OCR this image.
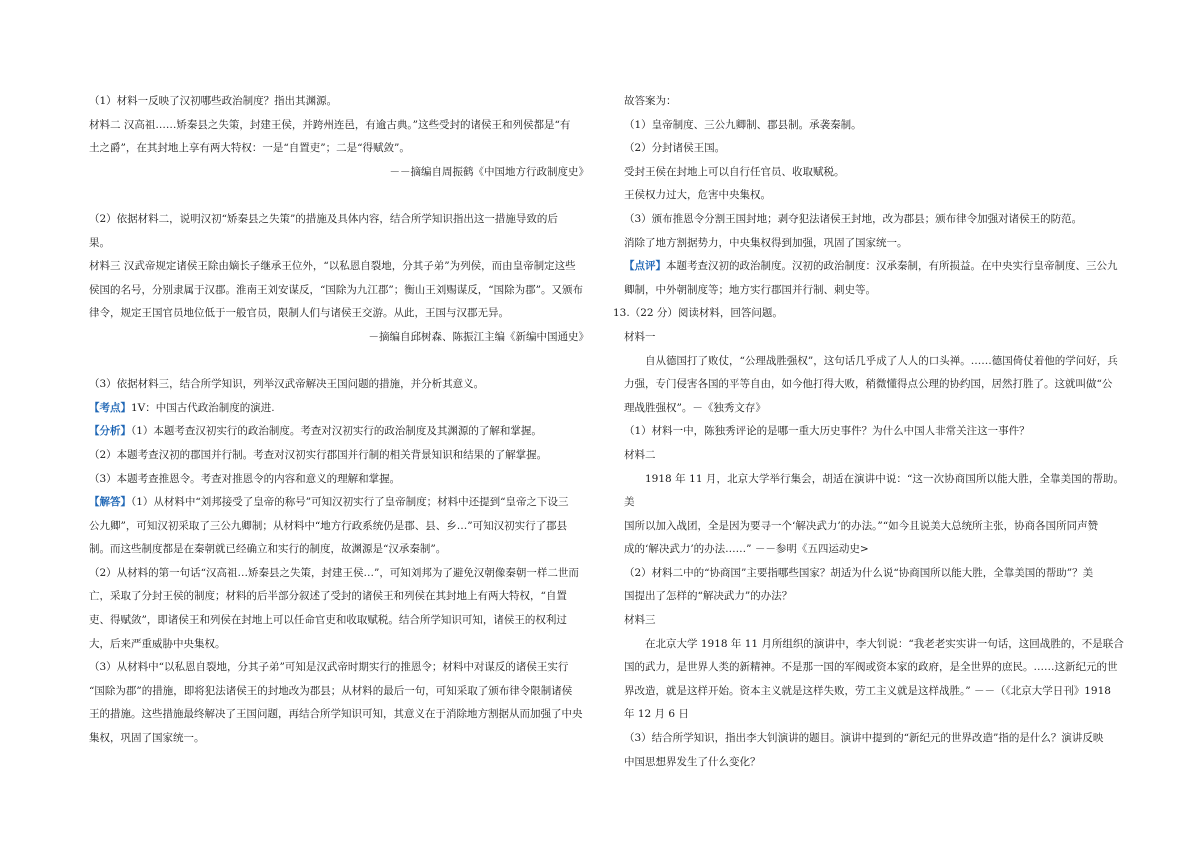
（1）材料一反映了汉初哪些政治制度？指出其渊源。

材料二 汉高祖……矫秦县之失策，封建王侯，并跨州连邑，有逾古典。”这些受封的诸侯王和列侯都是“有

土之爵”，在其封地上享有两大特权：一是“自置吏”；二是“得赋敛”。

－－摘编自周振鹤《中国地方行政制度史》

（2）依据材料二，说明汉初“矫秦县之失策”的措施及具体内容，结合所学知识指出这一措施导致的后

果。

材料三 汉武帝规定诸侯王除由嫡长子继承王位外，“以私恩自裂地，分其子弟”为列侯，而由皇帝制定这些

侯国的名号，分别隶属于汉郡。淮南王刘安谋反，“国除为九江郡”；衡山王刘赐谋反，“国除为郡”。又颁布

律令，规定王国官员地位低于一般官员，限制人们与诸侯王交游。从此，王国与汉郡无异。

－摘编自邱树森、陈振江主编《新编中国通史》

（3）依据材料三，结合所学知识，列举汉武帝解决王国问题的措施，并分析其意义。

【考点】1V：中国古代政治制度的演进.

【分析】（1）本题考查汉初实行的政治制度。考查对汉初实行的政治制度及其渊源的了解和掌握。

（2）本题考查汉初的郡国并行制。考查对汉初实行郡国并行制的相关背景知识和结果的了解掌握。

（3）本题考查推恩令。考查对推恩令的内容和意义的理解和掌握。

【解答】（1）从材料中“刘邦接受了皇帝的称号”可知汉初实行了皇帝制度；材料中还提到“皇帝之下设三

公九卿”，可知汉初采取了三公九卿制；从材料中“地方行政系统仍是郡、县、乡…”可知汉初实行了郡县

制。而这些制度都是在秦朝就已经确立和实行的制度，故渊源是“汉承秦制”。

（2）从材料的第一句话“汉高祖…矫秦县之失策，封建王侯…”，可知刘邦为了避免汉朝像秦朝一样二世而

亡，采取了分封王侯的制度；材料的后半部分叙述了受封的诸侯王和列侯在其封地上有两大特权，“自置

吏、得赋敛”，即诸侯王和列侯在封地上可以任命官吏和收取赋税。结合所学知识可知，诸侯王的权利过

大，后来严重威胁中央集权。

（3）从材料中“以私恩自裂地，分其子弟”可知是汉武帝时期实行的推恩令；材料中对谋反的诸侯王实行

“国除为郡”的措施，即将犯法诸侯王的封地改为郡县；从材料的最后一句，可知采取了颁布律令限制诸侯

王的措施。这些措施最终解决了王国问题，再结合所学知识可知，其意义在于消除地方割据从而加强了中央

集权，巩固了国家统一。

故答案为：

（1）皇帝制度、三公九卿制、郡县制。承袭秦制。

（2）分封诸侯王国。

受封王侯在封地上可以自行任官员、收取赋税。

王侯权力过大，危害中央集权。

（3）颁布推恩令分割王国封地；剥夺犯法诸侯王封地，改为郡县；颁布律令加强对诸侯王的防范。

消除了地方割据势力，中央集权得到加强，巩固了国家统一。

【点评】本题考查汉初的政治制度。汉初的政治制度：汉承秦制，有所损益。在中央实行皇帝制度、三公九

卿制，中外朝制度等；地方实行郡国并行制、刺史等。

13.（22 分）阅读材料，回答问题。

材料一

自从德国打了败仗，“公理战胜强权”，这句话几乎成了人人的口头禅。……德国倚仗着他的学问好，兵

力强，专门侵害各国的平等自由，如今他打得大败，稍微懂得点公理的协约国，居然打胜了。这就叫做“公

理战胜强权”。－《独秀文存》

（1）材料一中，陈独秀评论的是哪一重大历史事件？为什么中国人非常关注这一事件？

材料二

1918 年 11 月，北京大学举行集会，胡适在演讲中说：“这一次协商国所以能大胜，全靠美国的帮助。美

国所以加入战团，全是因为要寻一个‘解决武力’的办法。”“如今且说美大总统所主张，协商各国所同声赞

成的‘解决武力’的办法……” －－参明《五四运动史>

（2）材料二中的“协商国”主要指哪些国家？胡适为什么说“协商国所以能大胜，全靠美国的帮助”？美

国提出了怎样的“解决武力”的办法？

材料三

在北京大学 1918 年 11 月所组织的演讲中，李大钊说：“我老老实实讲一句话，这回战胜的，不是联合

国的武力，是世界人类的新精神。不是那一国的军阀或资本家的政府，是全世界的庶民。……这新纪元的世

界改造，就是这样开始。资本主义就是这样失败，劳工主义就是这样战胜。” －－（《北京大学日刊》1918

年 12 月 6 日

（3）结合所学知识，指出李大钊演讲的题目。演讲中提到的“新纪元的世界改造”指的是什么？演讲反映

中国思想界发生了什么变化？
